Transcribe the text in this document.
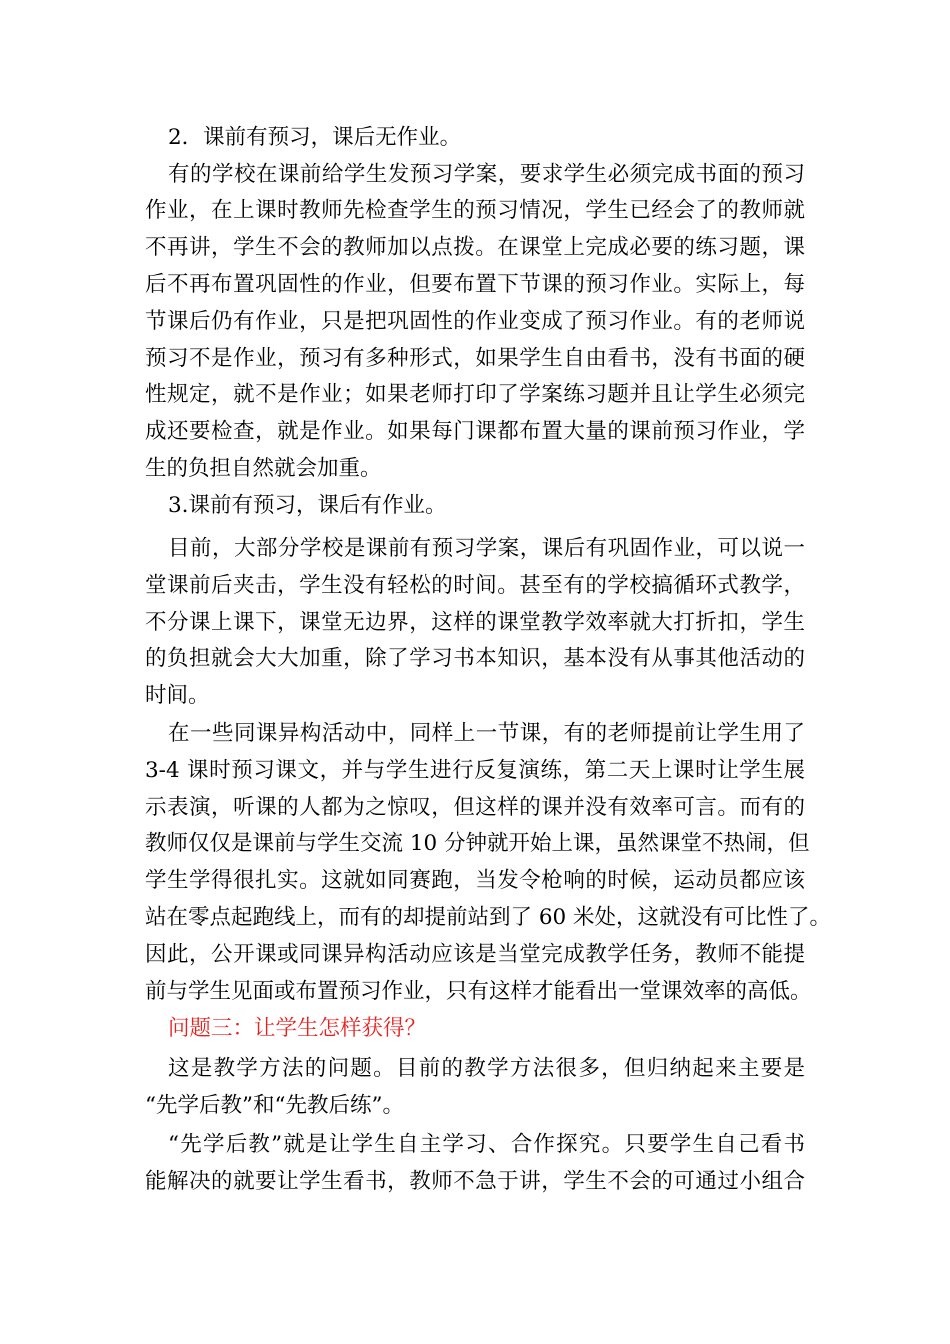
2．课前有预习，课后无作业。
有的学校在课前给学生发预习学案，要求学生必须完成书面的预习
作业，在上课时教师先检查学生的预习情况，学生已经会了的教师就
不再讲，学生不会的教师加以点拨。在课堂上完成必要的练习题，课
后不再布置巩固性的作业，但要布置下节课的预习作业。实际上，每
节课后仍有作业，只是把巩固性的作业变成了预习作业。有的老师说
预习不是作业，预习有多种形式，如果学生自由看书，没有书面的硬
性规定，就不是作业；如果老师打印了学案练习题并且让学生必须完
成还要检查，就是作业。如果每门课都布置大量的课前预习作业，学
生的负担自然就会加重。
3.课前有预习，课后有作业。
目前，大部分学校是课前有预习学案，课后有巩固作业，可以说一
堂课前后夹击，学生没有轻松的时间。甚至有的学校搞循环式教学，
不分课上课下，课堂无边界，这样的课堂教学效率就大打折扣，学生
的负担就会大大加重，除了学习书本知识，基本没有从事其他活动的
时间。
在一些同课异构活动中，同样上一节课，有的老师提前让学生用了
3-4 课时预习课文，并与学生进行反复演练，第二天上课时让学生展
示表演，听课的人都为之惊叹，但这样的课并没有效率可言。而有的
教师仅仅是课前与学生交流 10 分钟就开始上课，虽然课堂不热闹，但
学生学得很扎实。这就如同赛跑，当发令枪响的时候，运动员都应该
站在零点起跑线上，而有的却提前站到了 60 米处，这就没有可比性了。
因此，公开课或同课异构活动应该是当堂完成教学任务，教师不能提
前与学生见面或布置预习作业，只有这样才能看出一堂课效率的高低。
问题三：让学生怎样获得？
这是教学方法的问题。目前的教学方法很多，但归纳起来主要是
“先学后教”和“先教后练”。
“先学后教”就是让学生自主学习、合作探究。只要学生自己看书
能解决的就要让学生看书，教师不急于讲，学生不会的可通过小组合
